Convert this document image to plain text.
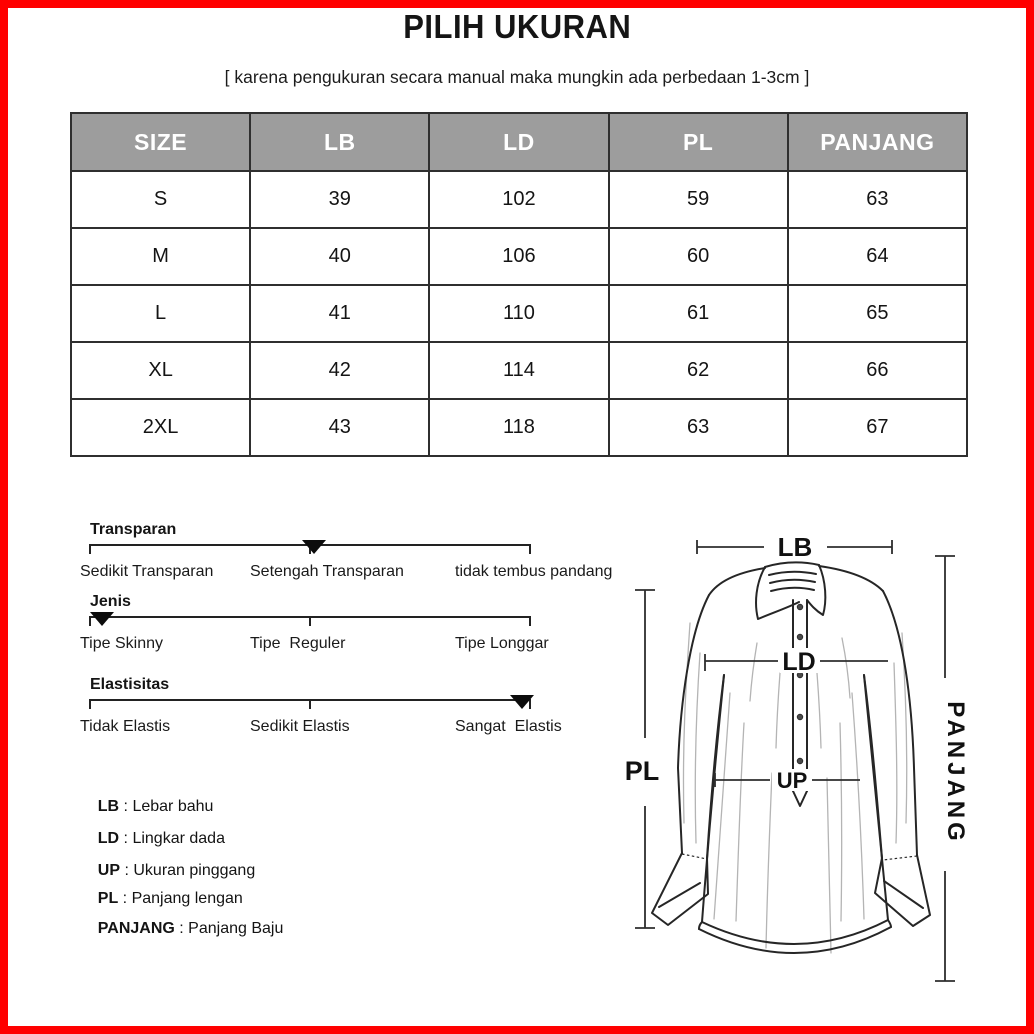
PILIH UKURAN
[ karena pengukuran secara manual maka mungkin ada perbedaan 1-3cm ]
SIZE	LB	LD	PL	PANJANG
S	39	102	59	63
M	40	106	60	64
L	41	110	61	65
XL	42	114	62	66
2XL	43	118	63	67
Transparan
Sedikit Transparan Setengah Transparan	tidak tembus pandang
Jenis
Tipe Skinny	Tipe  Reguler	Tipe Longgar
Elastisitas
Tidak Elastis	Sedikit Elastis	Sangat  Elastis

LB : Lebar bahu

LD : Lingkar dada

UP : Ukuran pinggang

PL : Panjang lengan

PANJANG : Panjang Baju

LB
LD
UP
PL	PANJANG
